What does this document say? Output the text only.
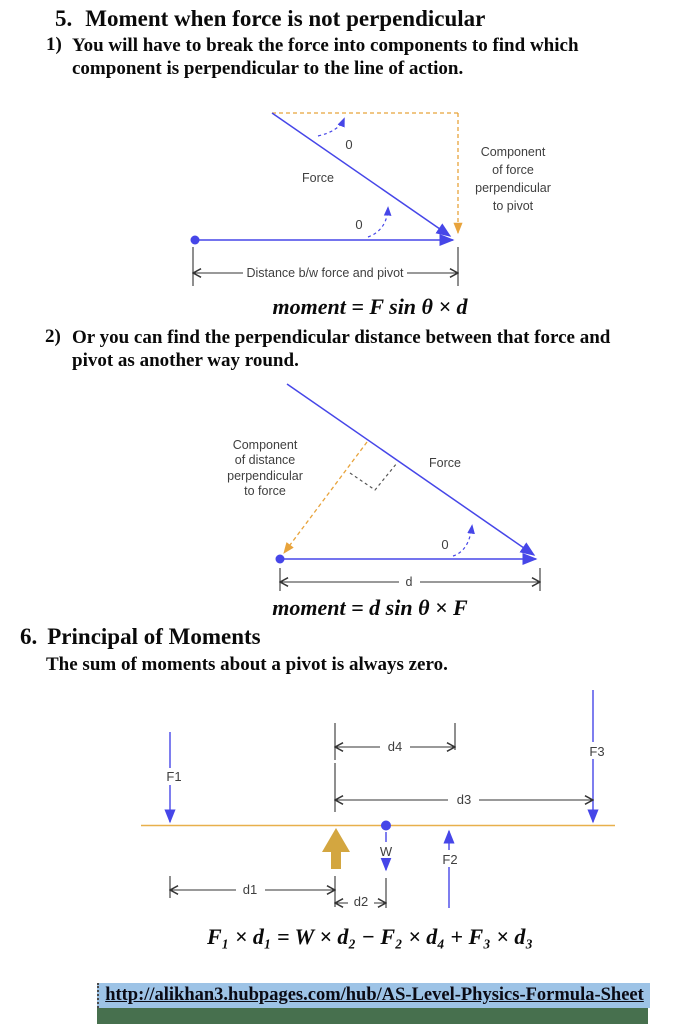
5. Moment when force is not perpendicular
1) You will have to break the force into components to find which
component is perpendicular to the line of action.
0
0
Force
Component
of force
perpendicular
to pivot
Distance b/w force and pivot
moment = F sin θ × d
2) Or you can find the perpendicular distance between that force and
pivot as another way round.
Component
of distance
perpendicular
to force
Force
0
d
moment = d sin θ × F
6. Principal of Moments
The sum of moments about a pivot is always zero.
F1
F3
d4
d3
W
F2
d1
d2
F₁ × d₁ = W × d₂ − F₂ × d₄ + F₃ × d₃
http://alikhan3.hubpages.com/hub/AS-Level-Physics-Formula-Sheet
